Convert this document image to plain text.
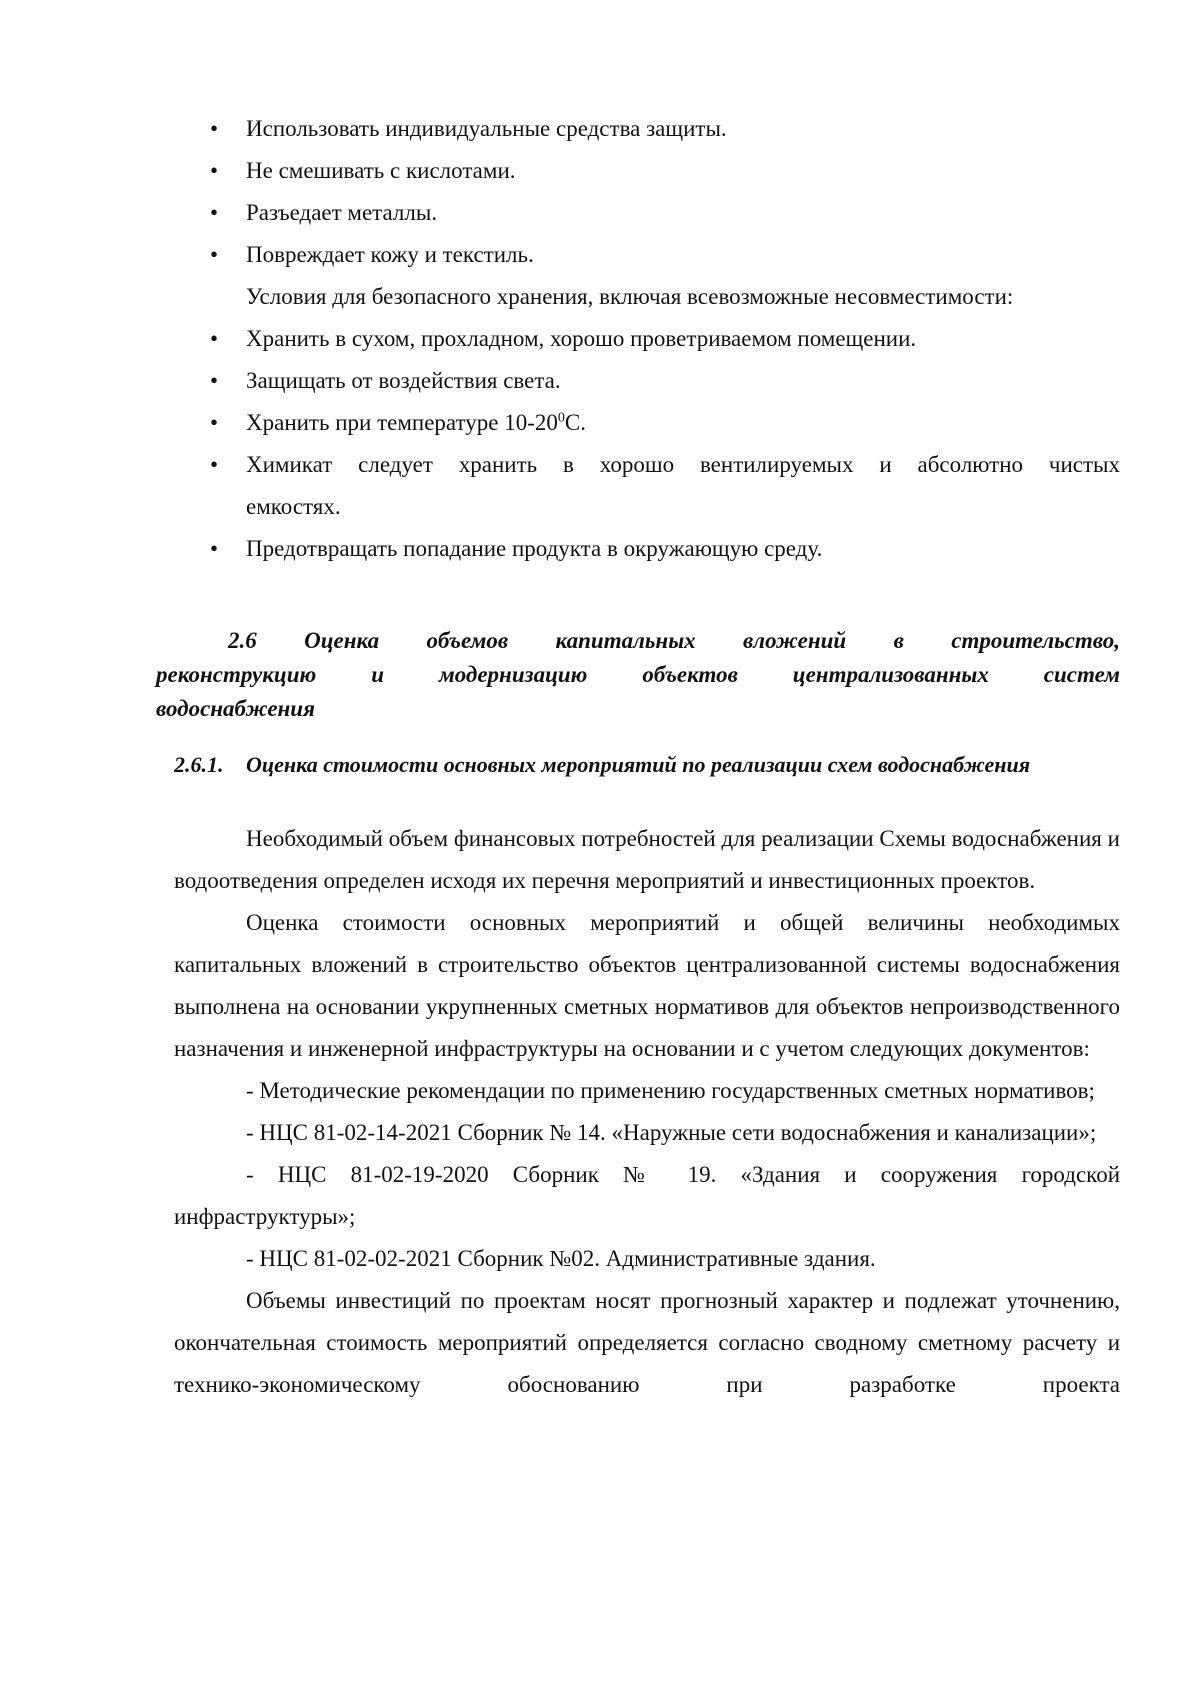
• Использовать индивидуальные средства защиты.
• Не смешивать с кислотами.
• Разъедает металлы.
• Повреждает кожу и текстиль.
Условия для безопасного хранения, включая всевозможные несовместимости:
• Хранить в сухом, прохладном, хорошо проветриваемом помещении.
• Защищать от воздействия света.
• Хранить при температуре $10-20^0С$.
• Химикат следует хранить в хорошо вентилируемых и абсолютно чистых
емкостях.
• Предотвращать попадание продукта в окружающую среду.
2.6 Оценка объемов капитальных вложений в строительство,
реконструкцию и модернизацию объектов централизованных систем
водоснабжения
2.6.1. Оценка стоимости основных мероприятий по реализации схем водоснабжения

Необходимый объем финансовых потребностей для реализации Схемы водоснабжения и водоотведения определен исходя их перечня мероприятий и инвестиционных проектов.

Оценка стоимости основных мероприятий и общей величины необходимых капитальных вложений в строительство объектов централизованной системы водоснабжения выполнена на основании укрупненных сметных нормативов для объектов непроизводственного назначения и инженерной инфраструктуры на основании и с учетом следующих документов:

- Методические рекомендации по применению государственных сметных нормативов;

- НЦС 81-02-14-2021 Сборник № 14. «Наружные сети водоснабжения и канализации»;

- НЦС 81-02-19-2020 Сборник № 19. «Здания и сооружения городской инфраструктуры»;

- НЦС 81-02-02-2021 Сборник №02. Административные здания.

Объемы инвестиций по проектам носят прогнозный характер и подлежат уточнению, окончательная стоимость мероприятий определяется согласно сводному сметному расчету и технико-экономическому обоснованию при разработке проекта
